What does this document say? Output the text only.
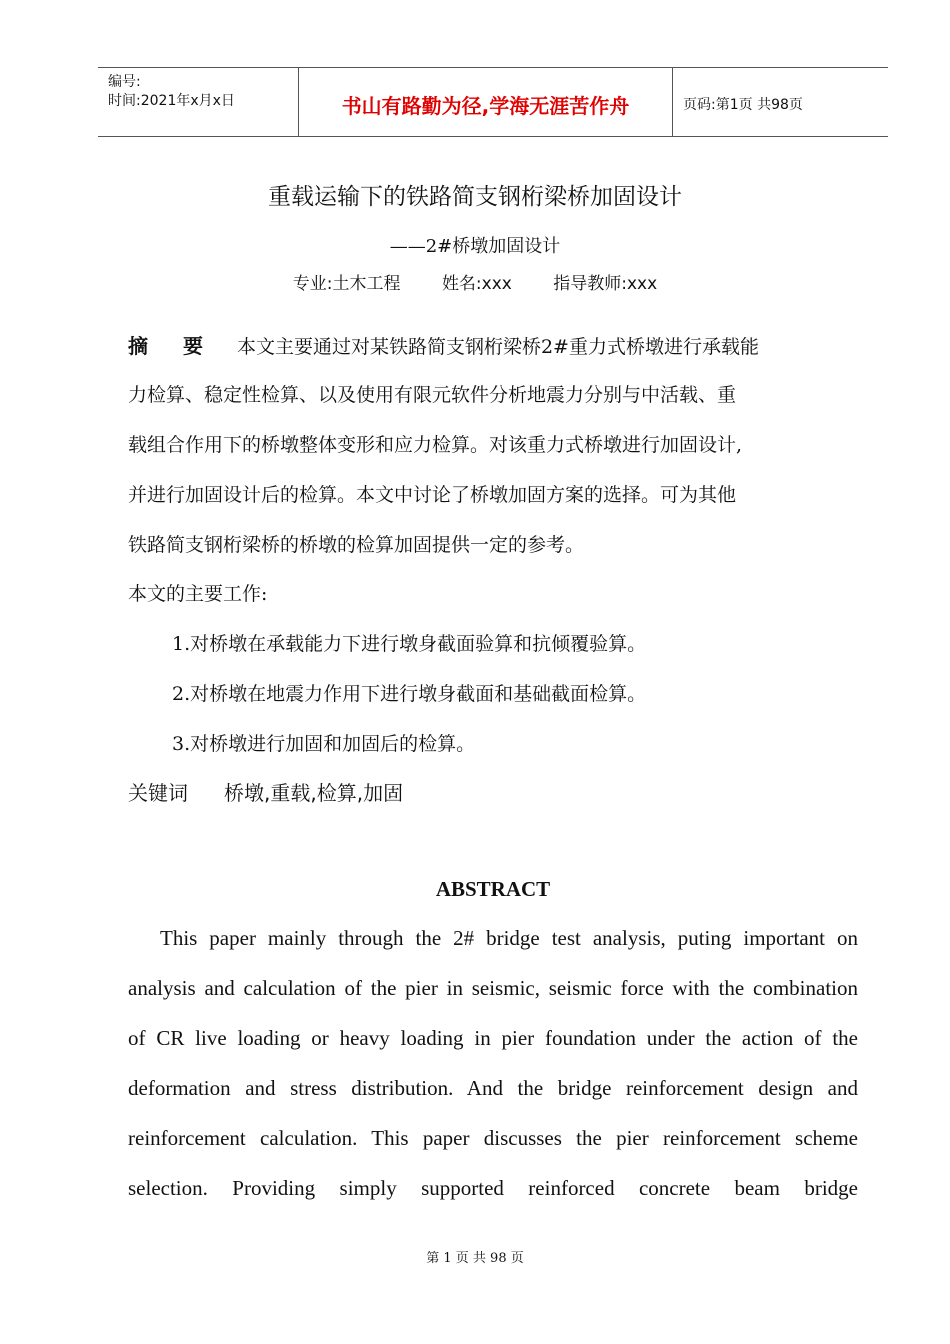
编号:
时间:2021年x月x日	书山有路勤为径,学海无涯苦作舟	页码:第1页 共98页
重载运输下的铁路简支钢桁梁桥加固设计
——2#桥墩加固设计
专业:土木工程 姓名:xxx 指导教师:xxx
摘 要 本文主要通过对某铁路简支钢桁梁桥2#重力式桥墩进行承载能
力检算、稳定性检算、以及使用有限元软件分析地震力分别与中活载、重
载组合作用下的桥墩整体变形和应力检算。对该重力式桥墩进行加固设计,
并进行加固设计后的检算。本文中讨论了桥墩加固方案的选择。可为其他
铁路简支钢桁梁桥的桥墩的检算加固提供一定的参考。
本文的主要工作:
1.对桥墩在承载能力下进行墩身截面验算和抗倾覆验算。
2.对桥墩在地震力作用下进行墩身截面和基础截面检算。
3.对桥墩进行加固和加固后的检算。
关键词 桥墩,重载,检算,加固
ABSTRACT
This paper mainly through the 2# bridge test analysis, puting important on
analysis and calculation of the pier in seismic, seismic force with the combination
of CR live loading or heavy loading in pier foundation under the action of the
deformation and stress distribution. And the bridge reinforcement design and
reinforcement calculation. This paper discusses the pier reinforcement scheme
selection. Providing simply supported reinforced concrete beam bridge
第 1 页 共 98 页
